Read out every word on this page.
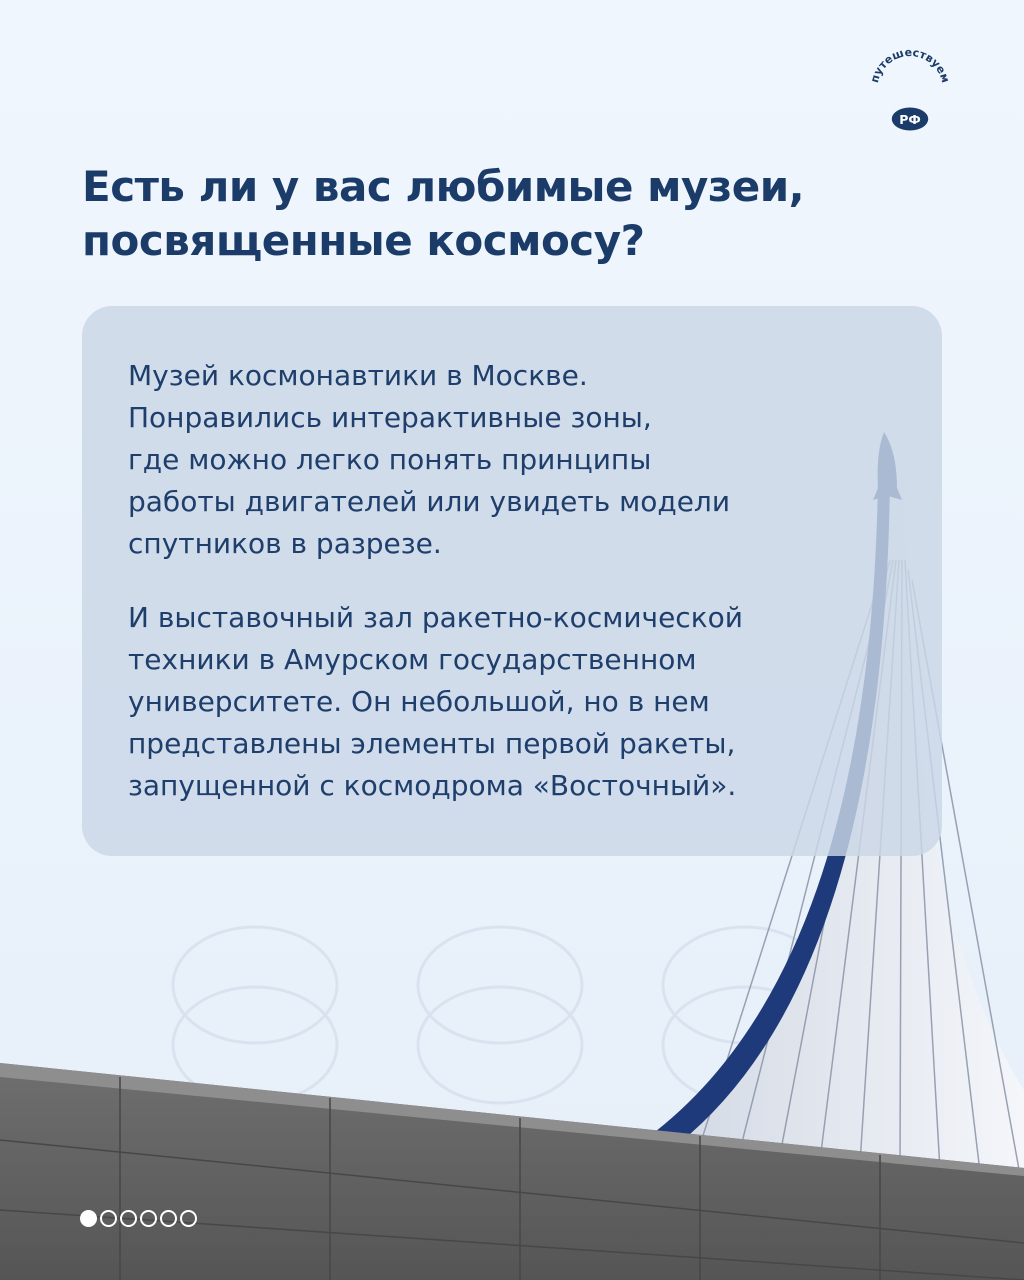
путешествуем
РФ
Есть ли у вас любимые музеи,
посвященные космосу?
Музей космонавтики в Москве.
Понравились интерактивные зоны,
где можно легко понять принципы
работы двигателей или увидеть модели
спутников в разрезе.
И выставочный зал ракетно-космической
техники в Амурском государственном
университете. Он небольшой, но в нем
представлены элементы первой ракеты,
запущенной с космодрома «Восточный».
